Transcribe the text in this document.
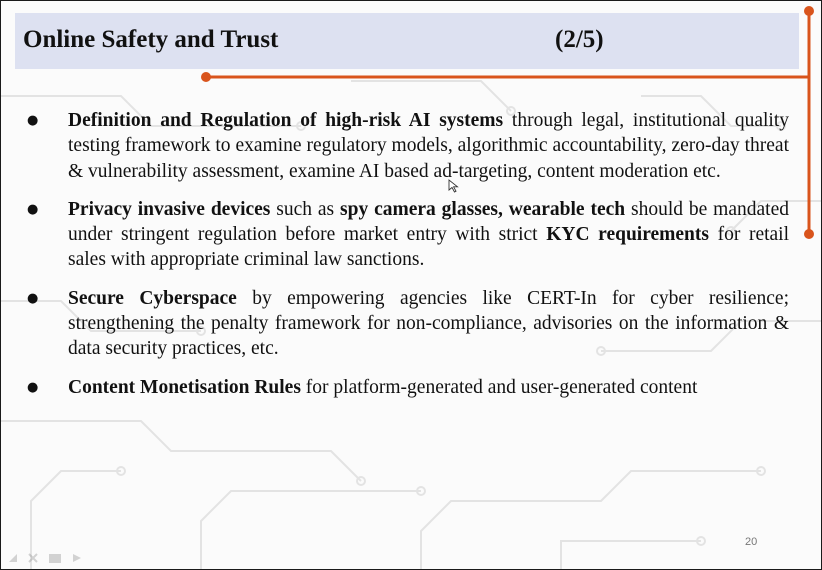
Online Safety and Trust	(2/5)
● Definition and Regulation of high-risk AI systems through legal, institutional quality testing framework to examine regulatory models, algorithmic accountability, zero-day threat & vulnerability assessment, examine AI based ad-targeting, content moderation etc.
● Privacy invasive devices such as spy camera glasses, wearable tech should be mandated under stringent regulation before market entry with strict KYC requirements for retail sales with appropriate criminal law sanctions.
● Secure Cyberspace by empowering agencies like CERT-In for cyber resilience; strengthening the penalty framework for non-compliance, advisories on the information & data security practices, etc.
● Content Monetisation Rules for platform-generated and user-generated content
20
